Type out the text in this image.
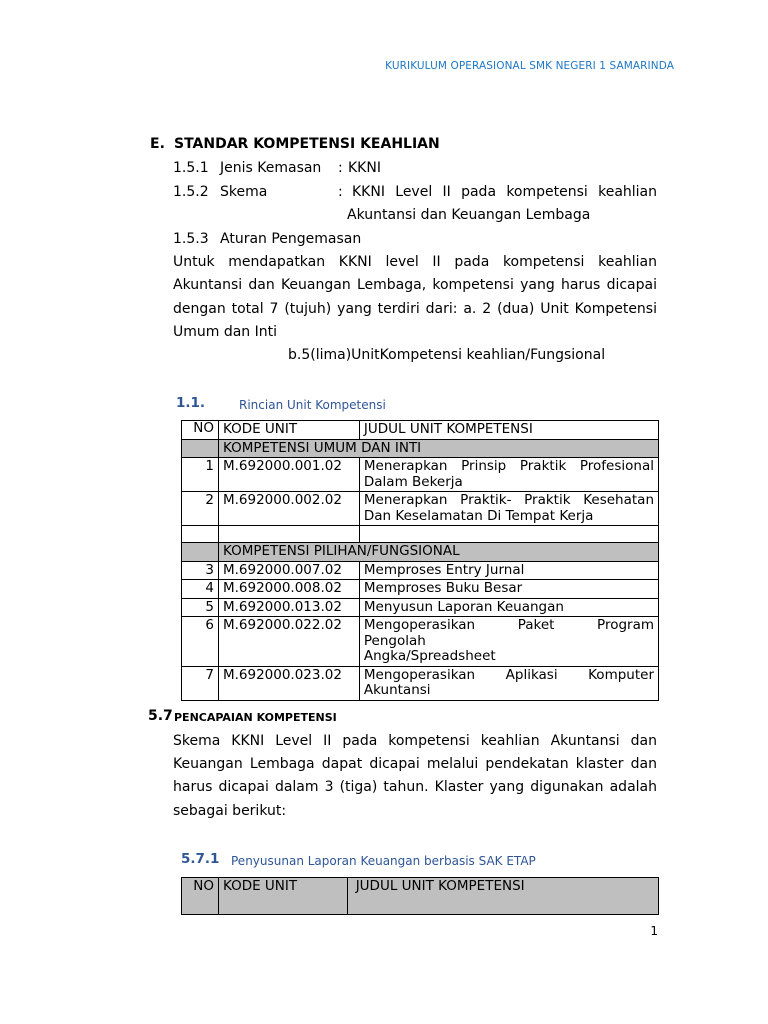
KURIKULUM OPERASIONAL SMK NEGERI 1 SAMARINDA
E. STANDAR KOMPETENSI KEAHLIAN
1.5.1 Jenis Kemasan : KKNI
1.5.2 Skema	: KKNI Level II pada kompetensi keahlian
Akuntansi dan Keuangan Lembaga
1.5.3 Aturan Pengemasan
Untuk mendapatkan KKNI level II pada kompetensi keahlian
Akuntansi dan Keuangan Lembaga, kompetensi yang harus dicapai
dengan total 7 (tujuh) yang terdiri dari: a. 2 (dua) Unit Kompetensi
Umum dan Inti
b.5(lima)UnitKompetensi keahlian/Fungsional
1.1.	Rincian Unit Kompetensi
NO	KODE UNIT	JUDUL UNIT KOMPETENSI
	KOMPETENSI UMUM DAN INTI	
1	M.692000.001.02	Menerapkan Prinsip Praktik Profesional
Dalam Bekerja

2	M.692000.002.02	Menerapkan Praktik- Praktik Kesehatan
Dan Keselamatan Di Tempat Kerja

	KOMPETENSI PILIHAN/FUNGSIONAL	
3	M.692000.007.02	Memproses Entry Jurnal
4	M.692000.008.02	Memproses Buku Besar
5	M.692000.013.02	Menyusun Laporan Keuangan
6	M.692000.022.02	Mengoperasikan Paket Program
Pengolah
Angka/Spreadsheet

7	M.692000.023.02	Mengoperasikan Aplikasi Komputer
Akuntansi
5.7 PENCAPAIAN KOMPETENSI
Skema KKNI Level II pada kompetensi keahlian Akuntansi dan
Keuangan Lembaga dapat dicapai melalui pendekatan klaster dan
harus dicapai dalam 3 (tiga) tahun. Klaster yang digunakan adalah
sebagai berikut:
5.7.1 Penyusunan Laporan Keuangan berbasis SAK ETAP
NO	KODE UNIT	JUDUL UNIT KOMPETENSI
1
